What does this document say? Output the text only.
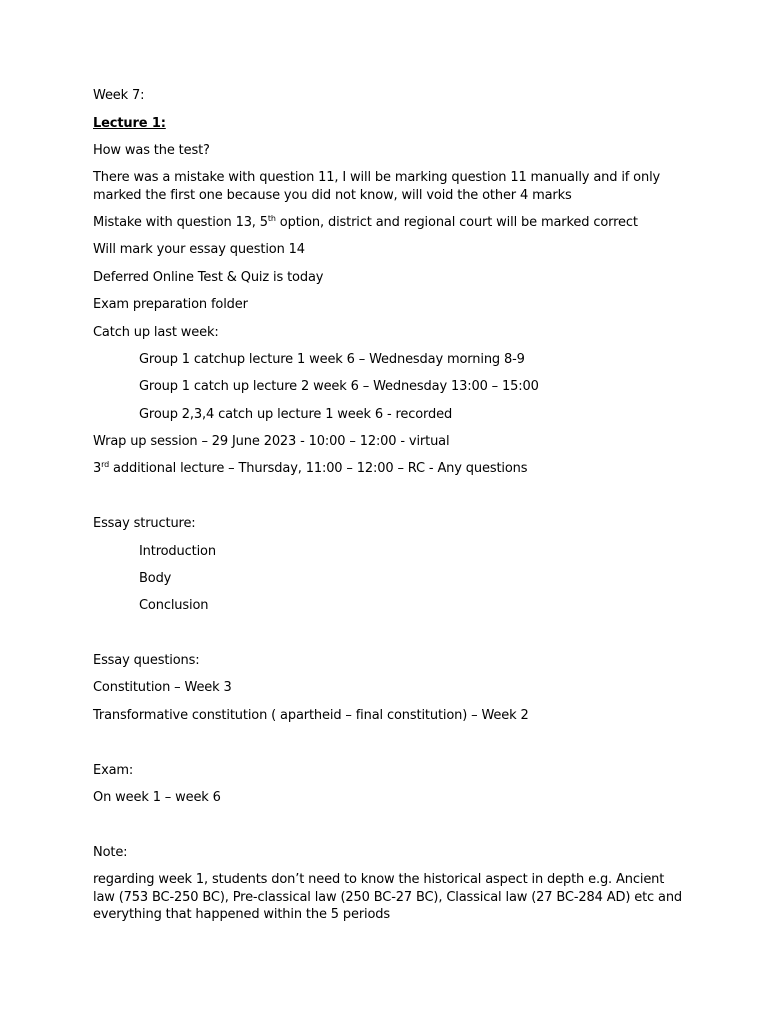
Week 7:
Lecture 1:
How was the test?
There was a mistake with question 11, I will be marking question 11 manually and if only marked the first one because you did not know, will void the other 4 marks
Mistake with question 13, 5th option, district and regional court will be marked correct
Will mark your essay question 14
Deferred Online Test & Quiz is today
Exam preparation folder
Catch up last week:
Group 1 catchup lecture 1 week 6 – Wednesday morning 8-9
Group 1 catch up lecture 2 week 6 – Wednesday 13:00 – 15:00
Group 2,3,4 catch up lecture 1 week 6 - recorded
Wrap up session – 29 June 2023 - 10:00 – 12:00 - virtual
3rd additional lecture – Thursday, 11:00 – 12:00 – RC - Any questions
Essay structure:
Introduction
Body
Conclusion
Essay questions:
Constitution – Week 3
Transformative constitution ( apartheid – final constitution) – Week 2
Exam:
On week 1 – week 6
Note:
regarding week 1, students don’t need to know the historical aspect in depth e.g. Ancient law (753 BC-250 BC), Pre-classical law (250 BC-27 BC), Classical law (27 BC-284 AD) etc and everything that happened within the 5 periods
